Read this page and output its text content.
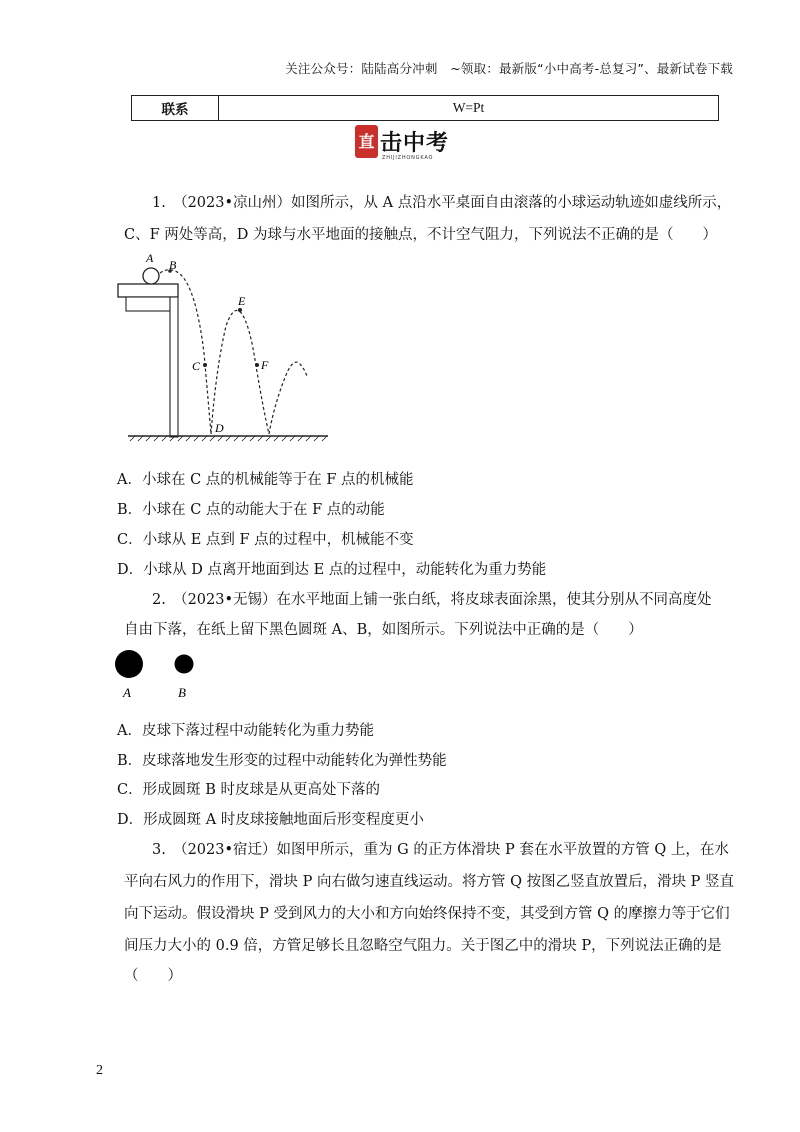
关注公众号：陆陆高分冲刺　~领取：最新版“小中高考-总复习”、最新试卷下载
联系	W=Pt
直 击中考
ZHIJIZHONGKAO
1.　（2023•凉山州）如图所示，从 A 点沿水平桌面自由滚落的小球运动轨迹如虚线所示，
C、F 两处等高，D 为球与水平地面的接触点，不计空气阻力，下列说法不正确的是（　　）
A B
C
D
E
F
A．小球在 C 点的机械能等于在 F 点的机械能
B．小球在 C 点的动能大于在 F 点的动能
C．小球从 E 点到 F 点的过程中，机械能不变
D．小球从 D 点离开地面到达 E 点的过程中，动能转化为重力势能
2.　（2023•无锡）在水平地面上铺一张白纸，将皮球表面涂黑，使其分别从不同高度处
自由下落，在纸上留下黑色圆斑 A、B，如图所示。下列说法中正确的是（　　）
A	B
A．皮球下落过程中动能转化为重力势能
B．皮球落地发生形变的过程中动能转化为弹性势能
C．形成圆斑 B 时皮球是从更高处下落的
D．形成圆斑 A 时皮球接触地面后形变程度更小
3.　（2023•宿迁）如图甲所示，重为 G 的正方体滑块 P 套在水平放置的方管 Q 上，在水
平向右风力的作用下，滑块 P 向右做匀速直线运动。将方管 Q 按图乙竖直放置后，滑块 P 竖直
向下运动。假设滑块 P 受到风力的大小和方向始终保持不变，其受到方管 Q 的摩擦力等于它们
间压力大小的 0.9 倍，方管足够长且忽略空气阻力。关于图乙中的滑块 P，下列说法正确的是
（　　）
2
